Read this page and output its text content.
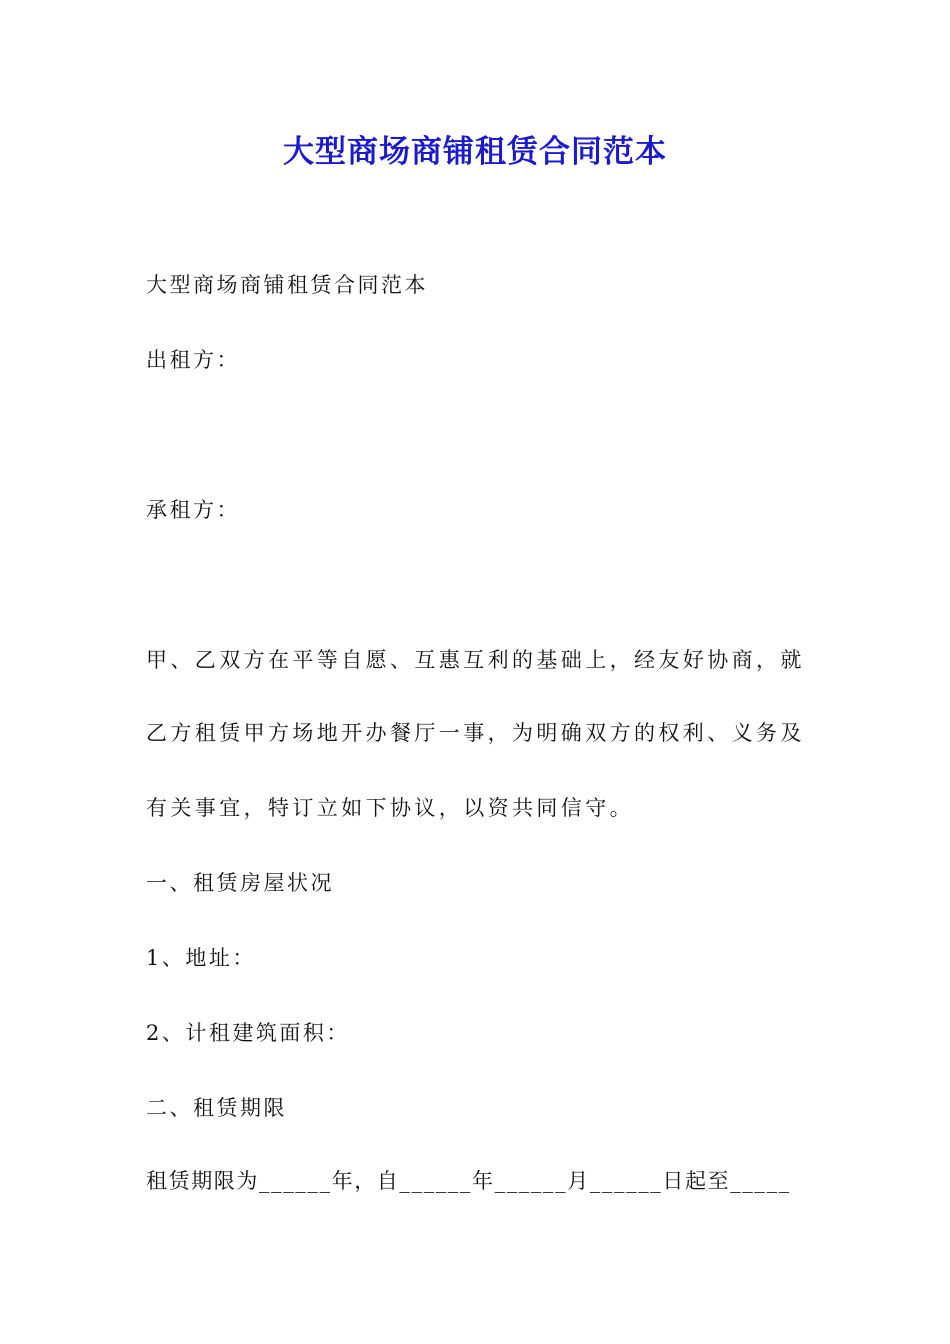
大型商场商铺租赁合同范本
大型商场商铺租赁合同范本
出租方：
承租方：
甲、乙双方在平等自愿、互惠互利的基础上，经友好协商，就
乙方租赁甲方场地开办餐厅一事，为明确双方的权利、义务及
有关事宜，特订立如下协议，以资共同信守。
一、租赁房屋状况
1、地址：
2、计租建筑面积：
二、租赁期限
租赁期限为______年，自______年______月______日起至_____
